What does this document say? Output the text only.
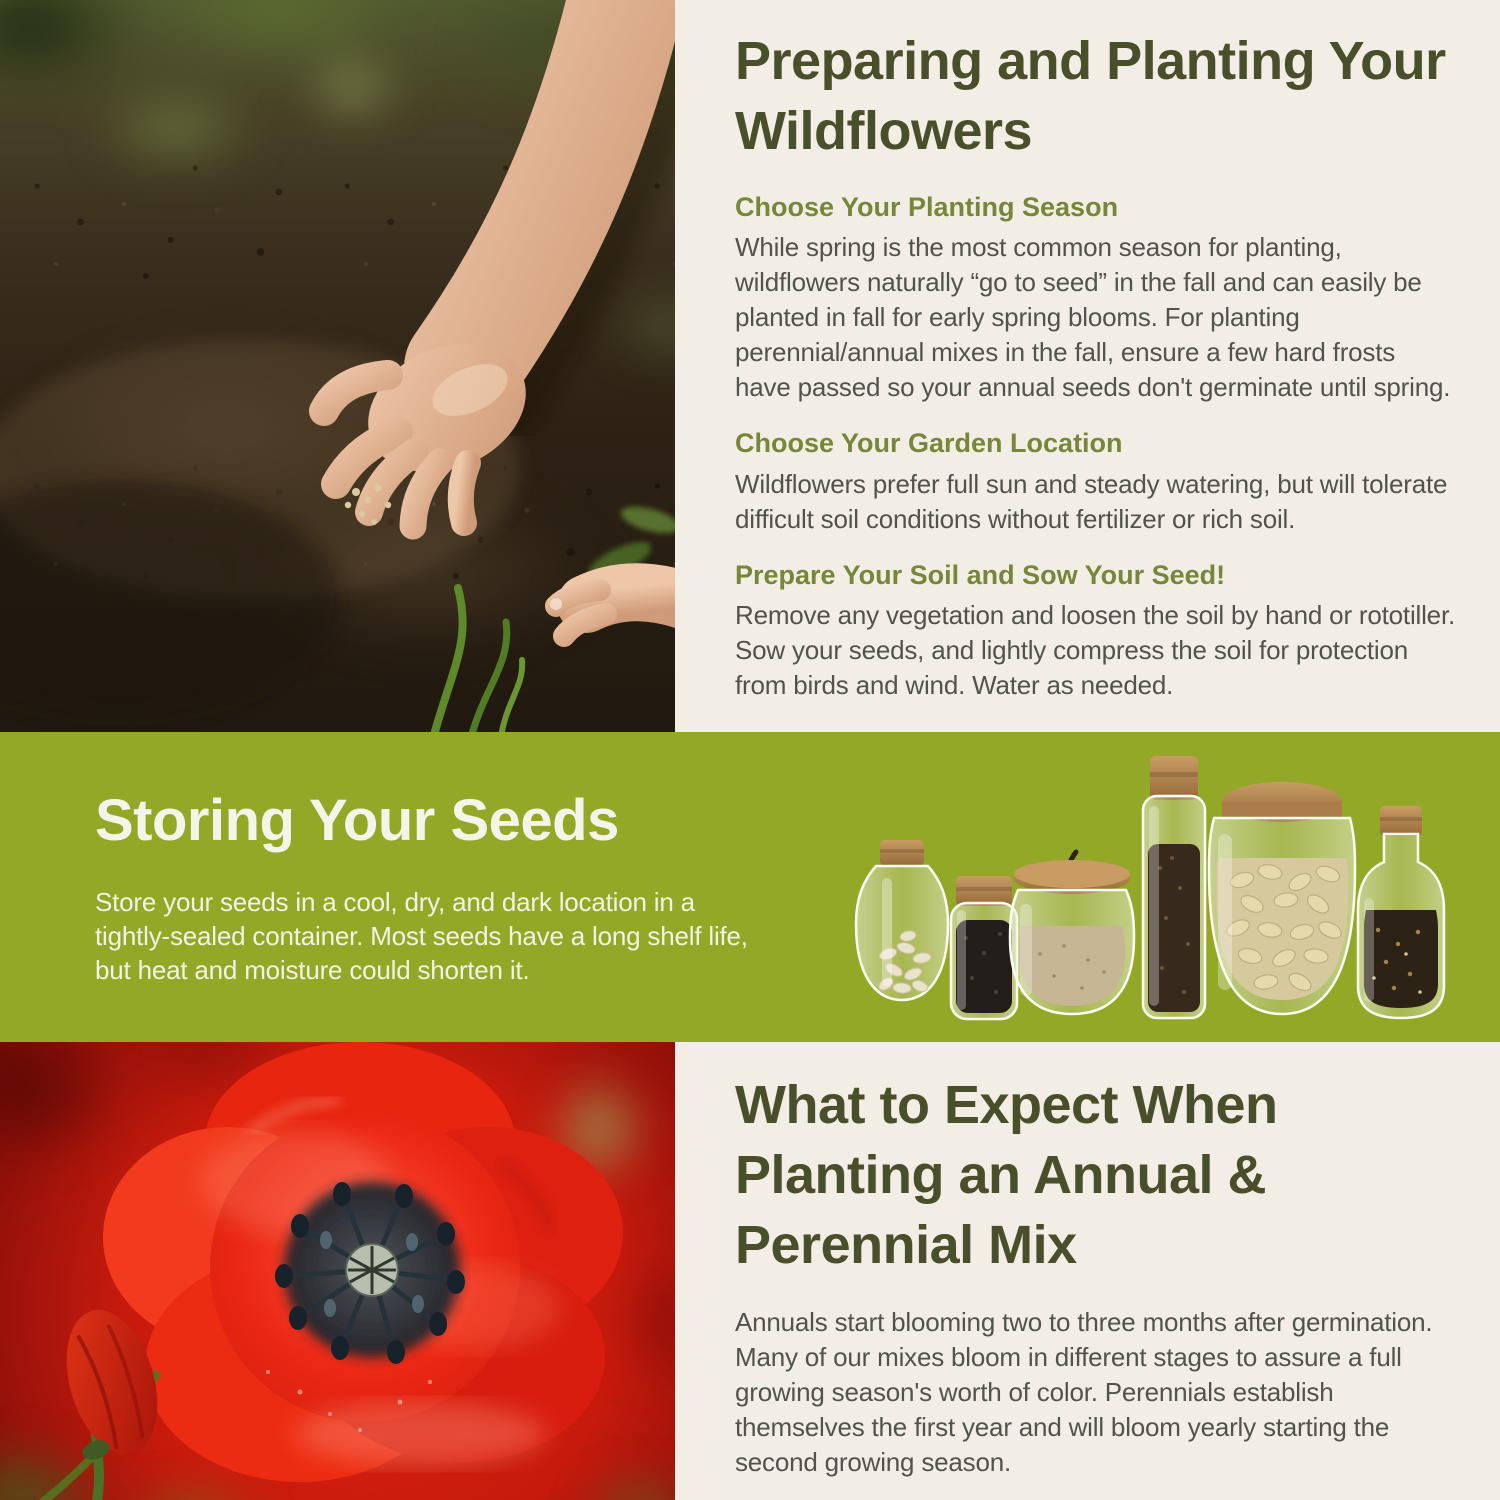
Preparing and Planting Your Wildflowers

Choose Your Planting Season

While spring is the most common season for planting, wildflowers naturally “go to seed” in the fall and can easily be planted in fall for early spring blooms. For planting perennial/annual mixes in the fall, ensure a few hard frosts have passed so your annual seeds don't germinate until spring.

Choose Your Garden Location

Wildflowers prefer full sun and steady watering, but will tolerate difficult soil conditions without fertilizer or rich soil.

Prepare Your Soil and Sow Your Seed!

Remove any vegetation and loosen the soil by hand or rototiller. Sow your seeds, and lightly compress the soil for protection from birds and wind. Water as needed.

Storing Your Seeds

Store your seeds in a cool, dry, and dark location in a tightly-sealed container. Most seeds have a long shelf life, but heat and moisture could shorten it.

What to Expect When Planting an Annual & Perennial Mix

Annuals start blooming two to three months after germination. Many of our mixes bloom in different stages to assure a full growing season's worth of color. Perennials establish themselves the first year and will bloom yearly starting the second growing season.
